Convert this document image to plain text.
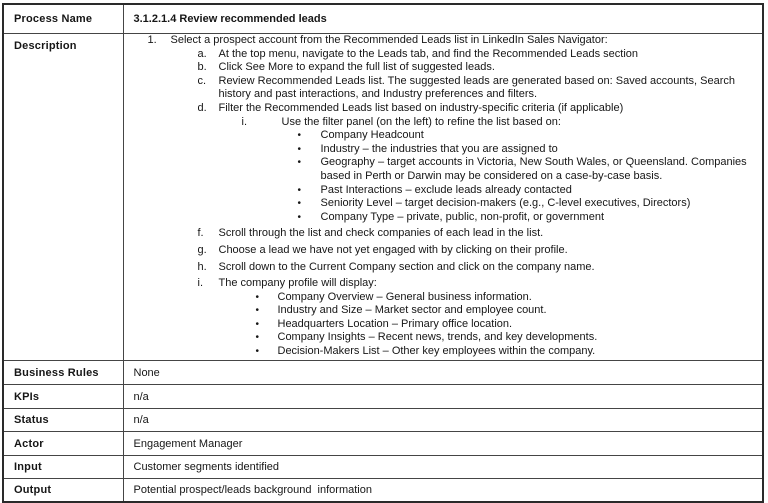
Process Name	3.1.2.1.4 Review recommended leads
Description	1.	Select a prospect account from the Recommended Leads list in LinkedIn Sales Navigator:
a.	At the top menu, navigate to the Leads tab, and find the Recommended Leads section
b.	Click See More to expand the full list of suggested leads.
c.	Review Recommended Leads list. The suggested leads are generated based on: Saved accounts, Search
history and past interactions, and Industry preferences and filters.
d.	Filter the Recommended Leads list based on industry-specific criteria (if applicable)
i.	Use the filter panel (on the left) to refine the list based on:
•	Company Headcount
•	Industry – the industries that you are assigned to
•	Geography – target accounts in Victoria, New South Wales, or Queensland. Companies
based in Perth or Darwin may be considered on a case-by-case basis.
•	Past Interactions – exclude leads already contacted
•	Seniority Level – target decision-makers (e.g., C-level executives, Directors)
•	Company Type – private, public, non-profit, or government
f.	Scroll through the list and check companies of each lead in the list.
g.	Choose a lead we have not yet engaged with by clicking on their profile.
h.	Scroll down to the Current Company section and click on the company name.
i.	The company profile will display:
•	Company Overview – General business information.
•	Industry and Size – Market sector and employee count.
•	Headquarters Location – Primary office location.
•	Company Insights – Recent news, trends, and key developments.
•	Decision-Makers List – Other key employees within the company.

Business Rules	None
KPIs	n/a
Status	n/a
Actor	Engagement Manager
Input	Customer segments identified
Output	Potential prospect/leads background  information
